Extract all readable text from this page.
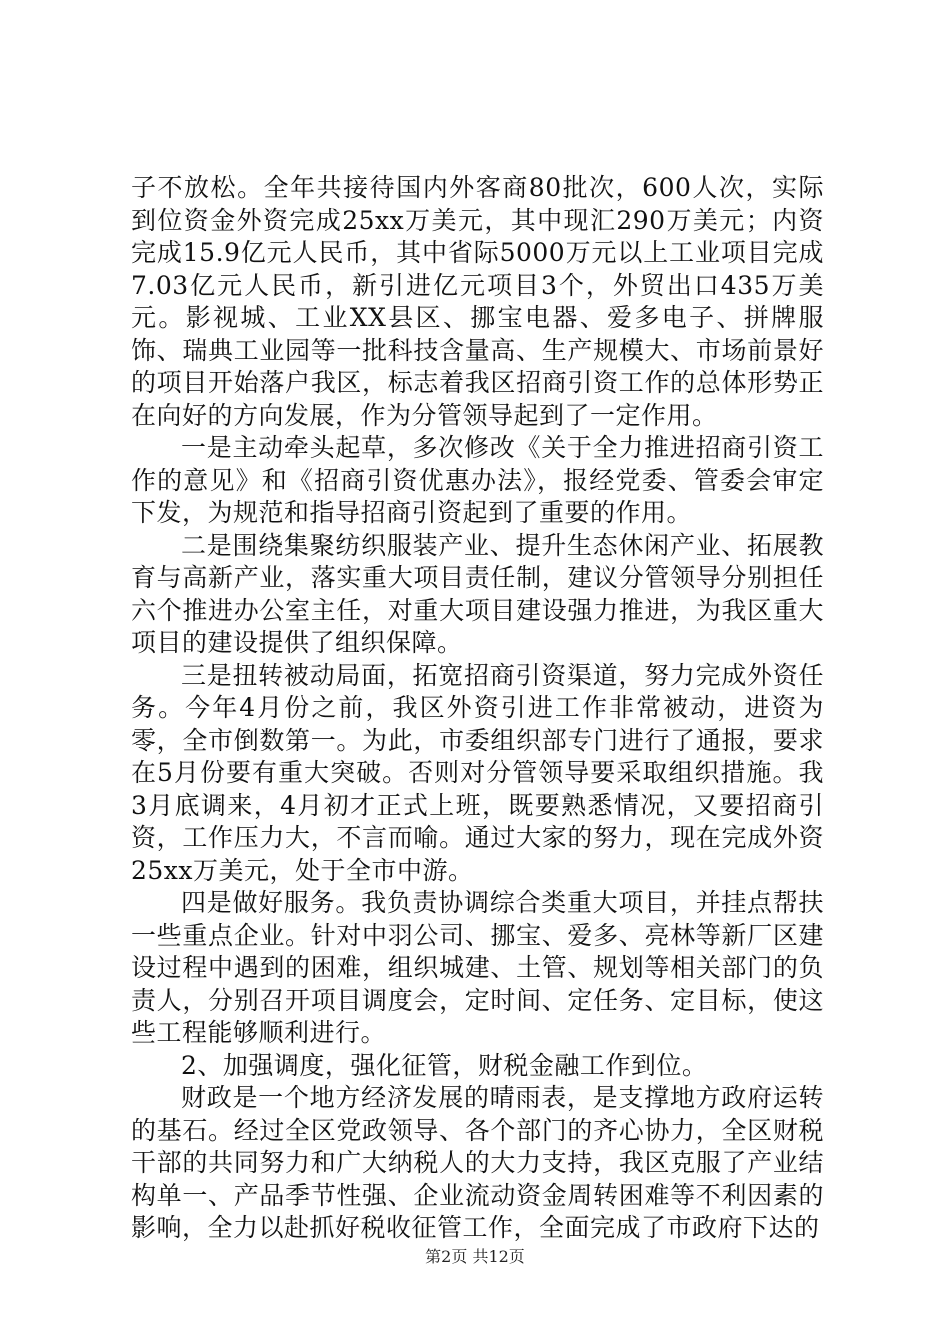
子不放松。全年共接待国内外客商80批次，600人次，实际到位资金外资完成25xx万美元，其中现汇290万美元；内资完成15.9亿元人民币，其中省际5000万元以上工业项目完成7.03亿元人民币，新引进亿元项目3个，外贸出口435万美元。影视城、工业XX县区、挪宝电器、爱多电子、拼牌服饰、瑞典工业园等一批科技含量高、生产规模大、市场前景好的项目开始落户我区，标志着我区招商引资工作的总体形势正在向好的方向发展，作为分管领导起到了一定作用。

一是主动牵头起草，多次修改《关于全力推进招商引资工作的意见》和《招商引资优惠办法》，报经党委、管委会审定下发，为规范和指导招商引资起到了重要的作用。

二是围绕集聚纺织服装产业、提升生态休闲产业、拓展教育与高新产业，落实重大项目责任制，建议分管领导分别担任六个推进办公室主任，对重大项目建设强力推进，为我区重大项目的建设提供了组织保障。

三是扭转被动局面，拓宽招商引资渠道，努力完成外资任务。今年4月份之前，我区外资引进工作非常被动，进资为零，全市倒数第一。为此，市委组织部专门进行了通报，要求在5月份要有重大突破。否则对分管领导要采取组织措施。我3月底调来，4月初才正式上班，既要熟悉情况，又要招商引资，工作压力大，不言而喻。通过大家的努力，现在完成外资25xx万美元，处于全市中游。

四是做好服务。我负责协调综合类重大项目，并挂点帮扶一些重点企业。针对中羽公司、挪宝、爱多、亮林等新厂区建设过程中遇到的困难，组织城建、土管、规划等相关部门的负责人，分别召开项目调度会，定时间、定任务、定目标，使这些工程能够顺利进行。

2、加强调度，强化征管，财税金融工作到位。

财政是一个地方经济发展的晴雨表，是支撑地方政府运转的基石。经过全区党政领导、各个部门的齐心协力，全区财税干部的共同努力和广大纳税人的大力支持，我区克服了产业结构单一、产品季节性强、企业流动资金周转困难等不利因素的影响，全力以赴抓好税收征管工作，全面完成了市政府下达的

第2页 共12页
